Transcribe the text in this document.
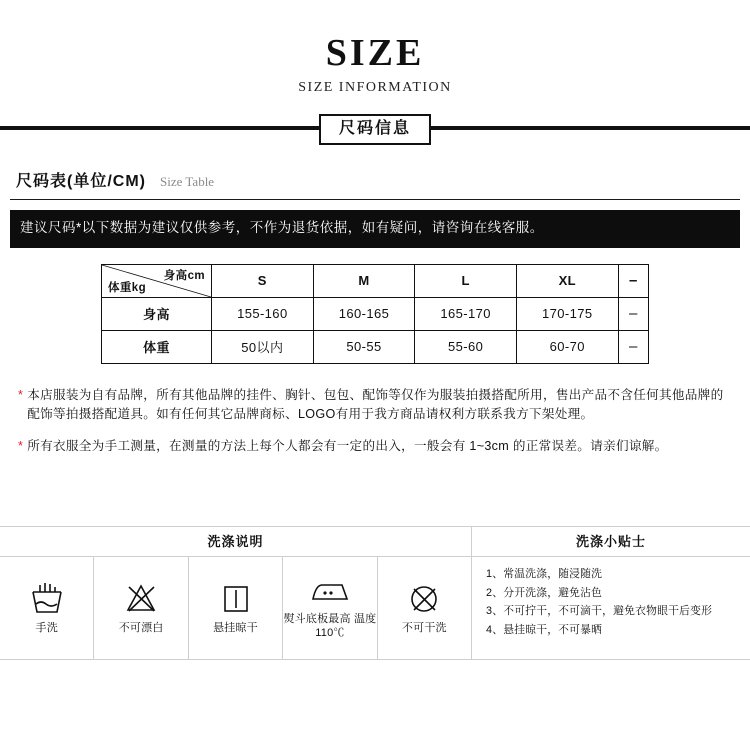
SIZE
SIZE INFORMATION
尺码信息
尺码表(单位/CM) Size Table
建议尺码*以下数据为建议仅供参考，不作为退货依据，如有疑问，请咨询在线客服。
身高cm
体重kg	S	M	L	XL	–
身高	155-160	160-165	165-170	170-175	–
体重	50以内	50-55	55-60	60-70	–
* 本店服装为自有品牌，所有其他品牌的挂件、胸针、包包、配饰等仅作为服装拍摄搭配所用，售出产品不含任何其他品牌的配饰等拍摄搭配道具。如有任何其它品牌商标、LOGO有用于我方商品请权利方联系我方下架处理。
* 所有衣服全为手工测量，在测量的方法上每个人都会有一定的出入，一般会有 1~3cm 的正常误差。请亲们谅解。
洗涤说明
手洗	不可漂白	悬挂晾干
熨斗底板最高 温度110℃	不可干洗
洗涤小贴士
1、常温洗涤，随浸随洗
2、分开洗涤，避免沾色
3、不可拧干，不可滴干，避免衣物眼干后变形
4、悬挂晾干，不可暴晒
